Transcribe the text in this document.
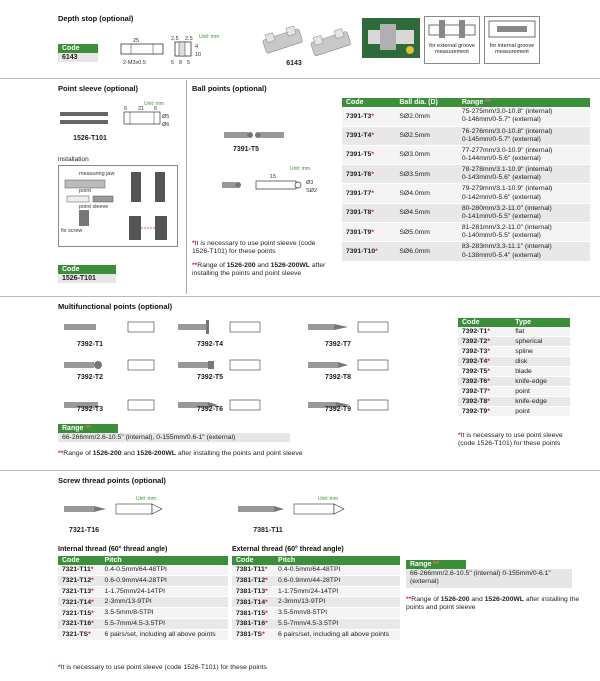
Depth stop (optional)
Code
6143
25	2.5 2.5
2-M3x0.5	5 8 5
4
10
Unit: mm
6143
for external groove measurement
for internal groove measurement
Point sleeve (optional)
Unit: mm
6 21 6
Ø5
Ø6
1526-T101
installation
measuring jaw
point
point sleeve
fix screw
Code
1526-T101
Ball points (optional)
7391-T5
Unit: mm
15
Ø3
SØ2
*It is necessary to use point sleeve (code 1526-T101) for these points
**Range of 1526-200 and 1526-200WL after installing the points and point sleeve
Code	Ball dia. (D)	Range **
7391-T3*	SØ2.0mm	75-275mm/3.0-10.8" (internal)
0-146mm/0-5.7" (external)

7391-T4*	SØ2.5mm	76-276mm/3.0-10.8" (internal)
0-145mm/0-5.7" (external)

7391-T5*	SØ3.0mm	77-277mm/3.0-10.9" (internal)
0-144mm/0-5.6" (external)

7391-T6*	SØ3.5mm	78-278mm/3.1-10.9" (internal)
0-143mm/0-5.6" (external)

7391-T7*	SØ4.0mm	79-279mm/3.1-10.9" (internal)
0-142mm/0-5.6" (external)

7391-T8*	SØ4.5mm	80-280mm/3.2-11.0" (internal)
0-141mm/0-5.5" (external)

7391-T9*	SØ5.0mm	81-281mm/3.2-11.0" (internal)
0-140mm/0-5.5" (external)

7391-T10*	SØ6.0mm	83-283mm/3.3-11.1" (internal)
0-138mm/0-5.4" (external)
Multifunctional points (optional)
7392-T1	7392-T4	7392-T7
7392-T2	7392-T5	7392-T8
7392-T3	7392-T6	7392-T9
Range **
66-266mm/2.6-10.5" (internal), 0-155mm/0.6-1" (external)
**Range of 1526-200 and 1526-200WL after installing the points and point sleeve
Code	Type
7392-T1*	flat
7392-T2*	spherical
7392-T3*	spline
7392-T4*	disk
7392-T5*	blade
7392-T6*	knife-edge
7392-T7*	point
7392-T8*	knife-edge
7392-T9*	point
*It is necessary to use point sleeve (code 1526-T101) for these points
Screw thread points (optional)
Unit: mm	Unit: mm
7321-T16	7381-T11
Internal thread (60° thread angle)
Code	Pitch
7321-T11*	0.4-0.5mm/64-48TPI
7321-T12*	0.6-0.9mm/44-28TPI
7321-T13*	1-1.75mm/24-14TPI
7321-T14*	2-3mm/13-9TPI
7321-T15*	3.5-5mm/8-5TPI
7321-T16*	5.5-7mm/4.5-3.5TPI
7321-TS*	6 pairs/set, including all above points
External thread (60° thread angle)
Code	Pitch
7381-T11*	0.4-0.5mm/64-48TPI
7381-T12*	0.6-0.9mm/44-28TPI
7381-T13*	1-1.75mm/24-14TPI
7381-T14*	2-3mm/13-9TPI
7381-T15*	3.5-5mm/8-5TPI
7381-T16*	5.5-7mm/4.5-3.5TPI
7381-TS*	6 pairs/set, including all above points
Range **
66-266mm/2.6-10.5" (internal) 0-155mm/0-6.1" (external)
**Range of 1526-200 and 1526-200WL after installing the points and point sleeve
*It is necessary to use point sleeve (code 1526-T101) for these points
